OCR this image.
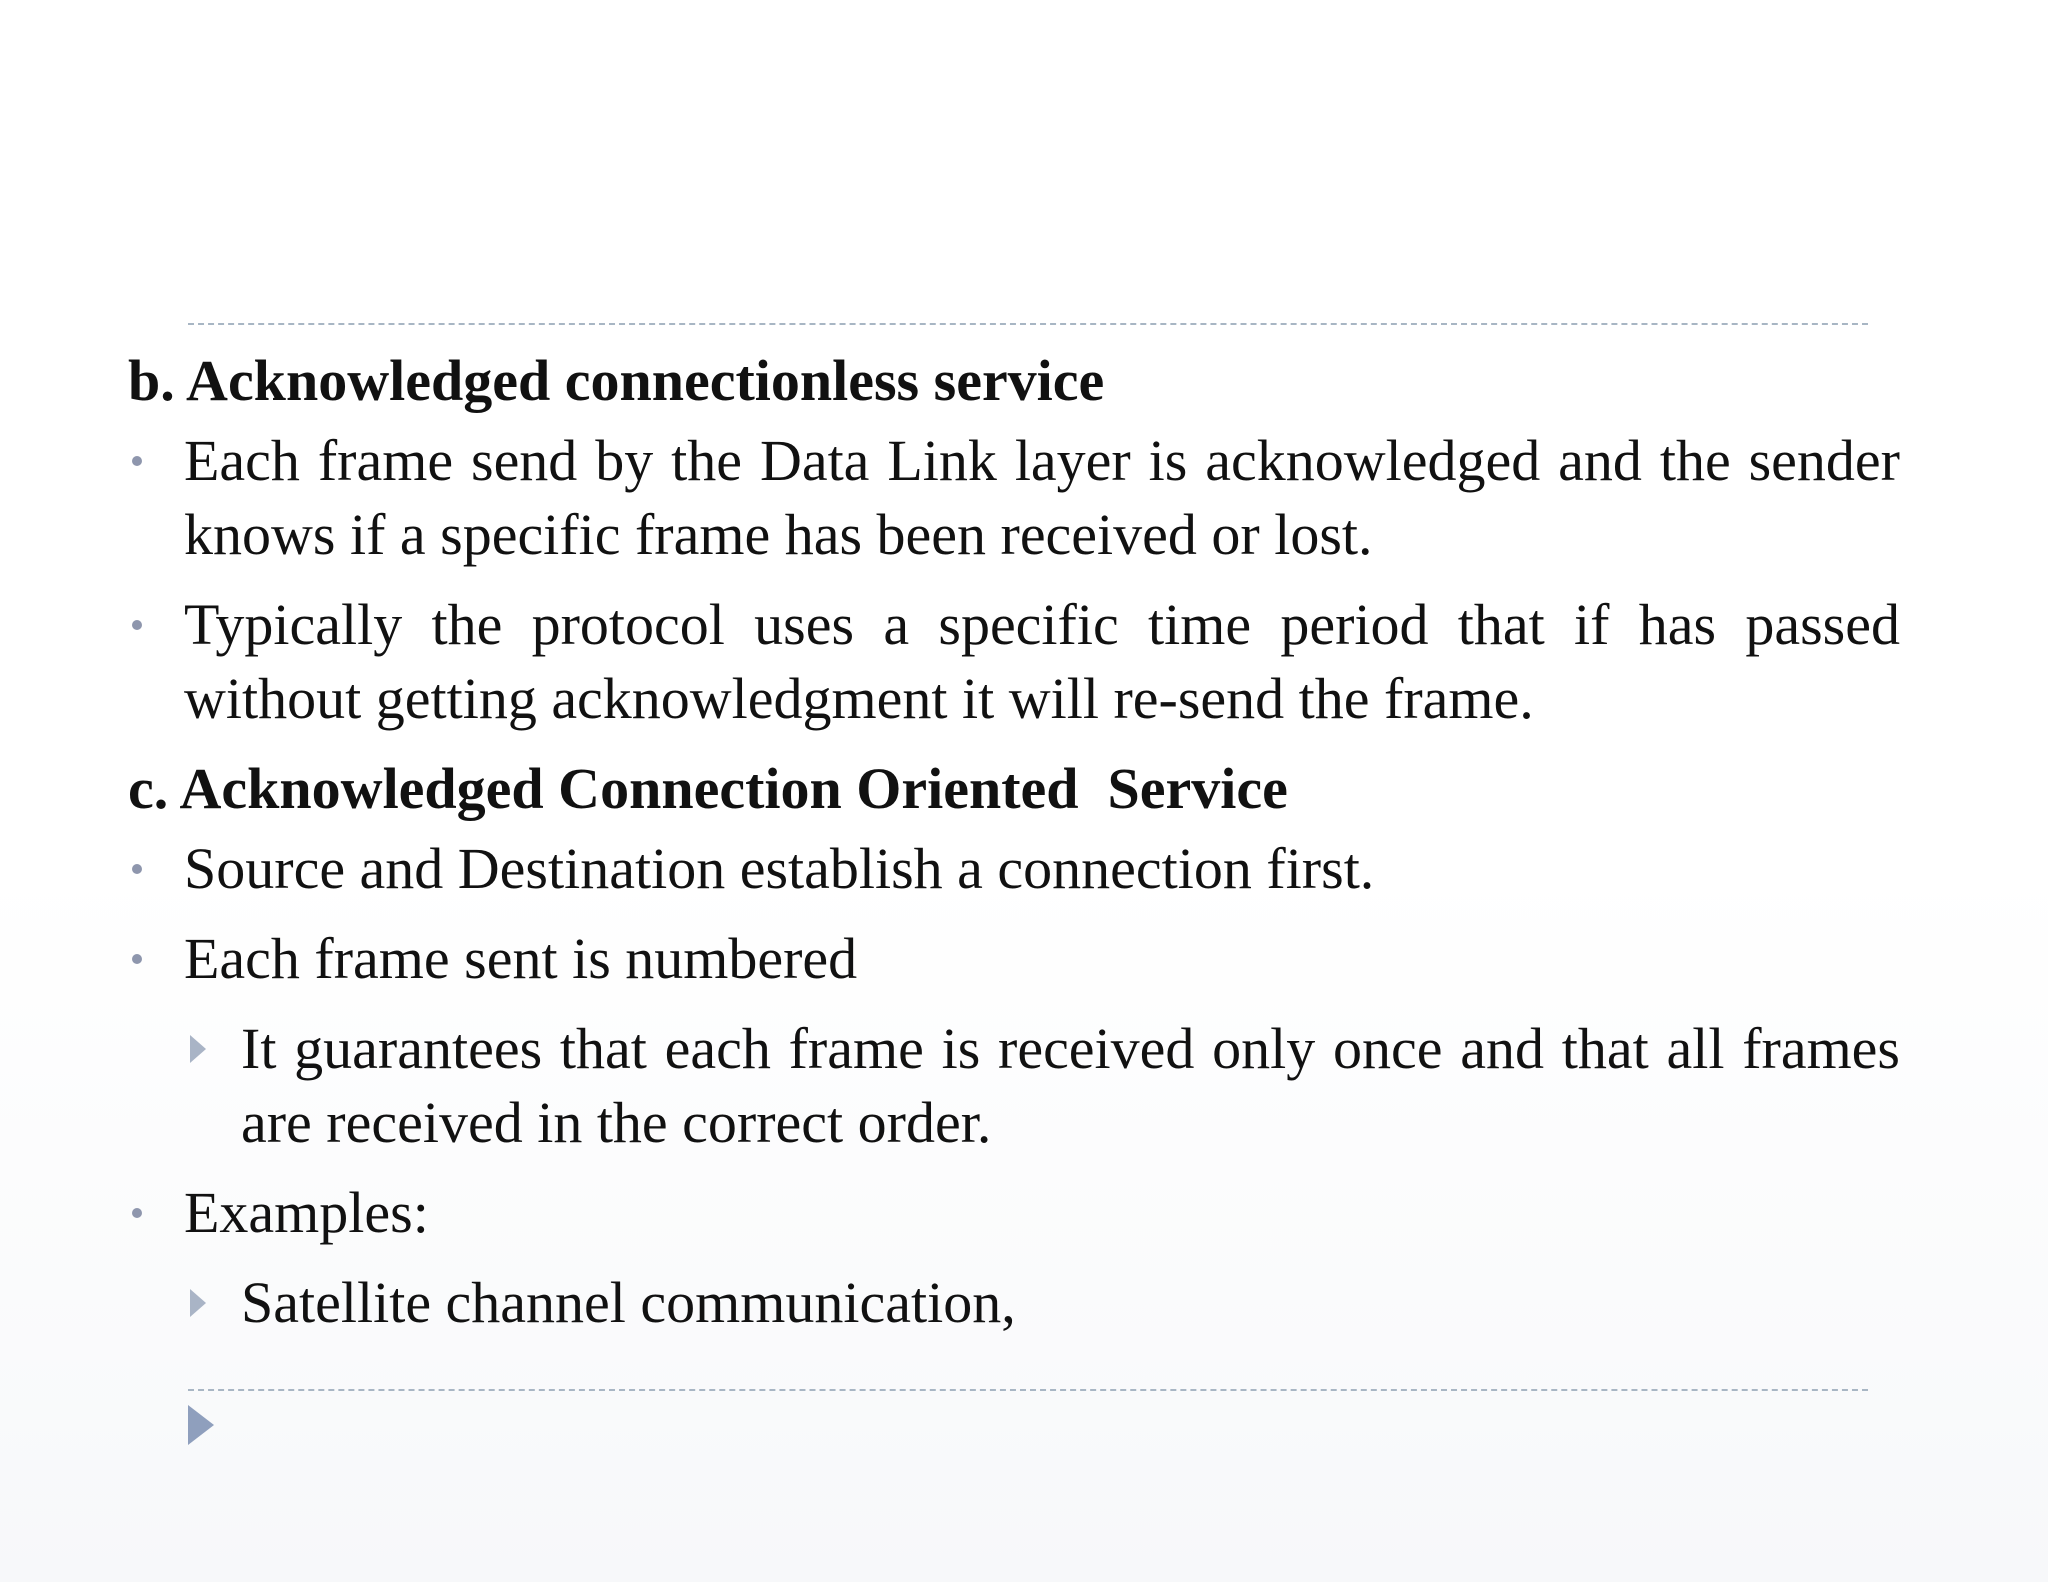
b. Acknowledged connectionless service
Each frame send by the Data Link layer is acknowledged and the sender knows if a specific frame has been received or lost.
Typically the protocol uses a specific time period that if has passed without getting acknowledgment it will re-send the frame.
c. Acknowledged Connection Oriented  Service
Source and Destination establish a connection first.
Each frame sent is numbered
It guarantees that each frame is received only once and that all frames are received in the correct order.
Examples:
Satellite channel communication,
